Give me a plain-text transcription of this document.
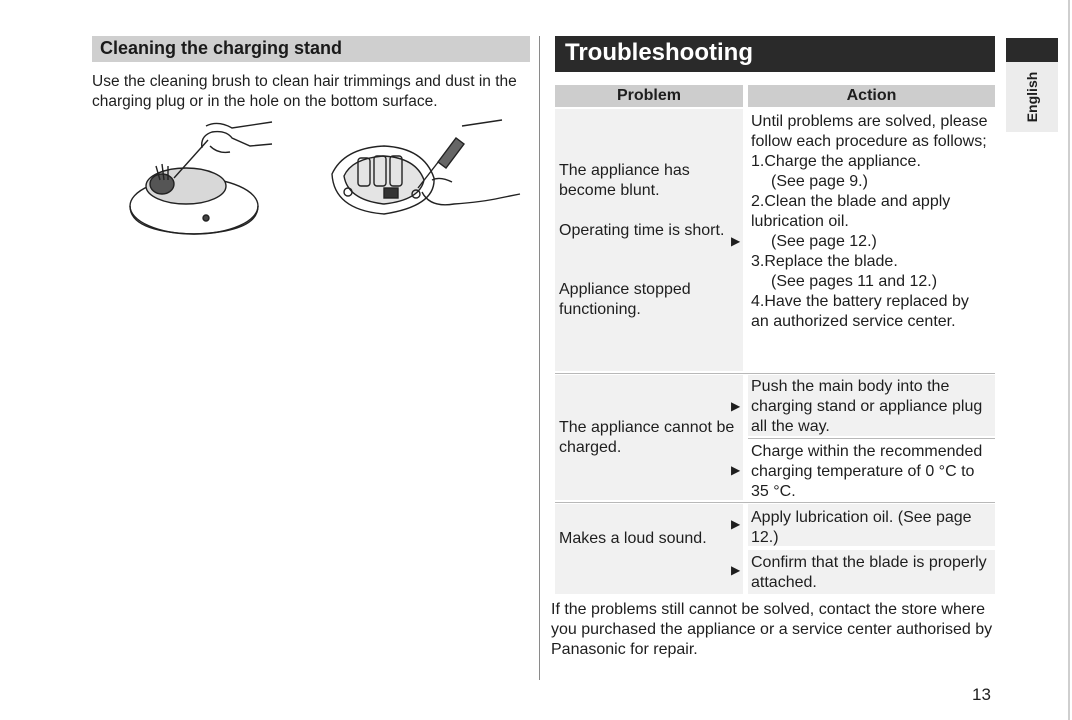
Cleaning the charging stand
Use the cleaning brush to clean hair trimmings and dust in the charging plug or in the hole on the bottom surface.
Troubleshooting
Problem	Action
The appliance has become blunt.
Operating time is short.
Appliance stopped functioning.
▶
Until problems are solved, please follow each procedure as follows;
1.Charge the appliance.
(See page 9.)
2.Clean the blade and apply lubrication oil.
(See page 12.)
3.Replace the blade.
(See pages 11 and 12.)
4.Have the battery replaced by an authorized service center.
The appliance cannot be charged.
▶
Push the main body into the charging stand or appliance plug all the way.
▶
Charge within the recommended charging temperature of 0 °C to 35 °C.
Makes a loud sound.
▶ Apply lubrication oil. (See page 12.)
▶ Confirm that the blade is properly attached.
If the problems still cannot be solved, contact the store where you purchased the appliance or a service center authorised by Panasonic for repair.
13
English
